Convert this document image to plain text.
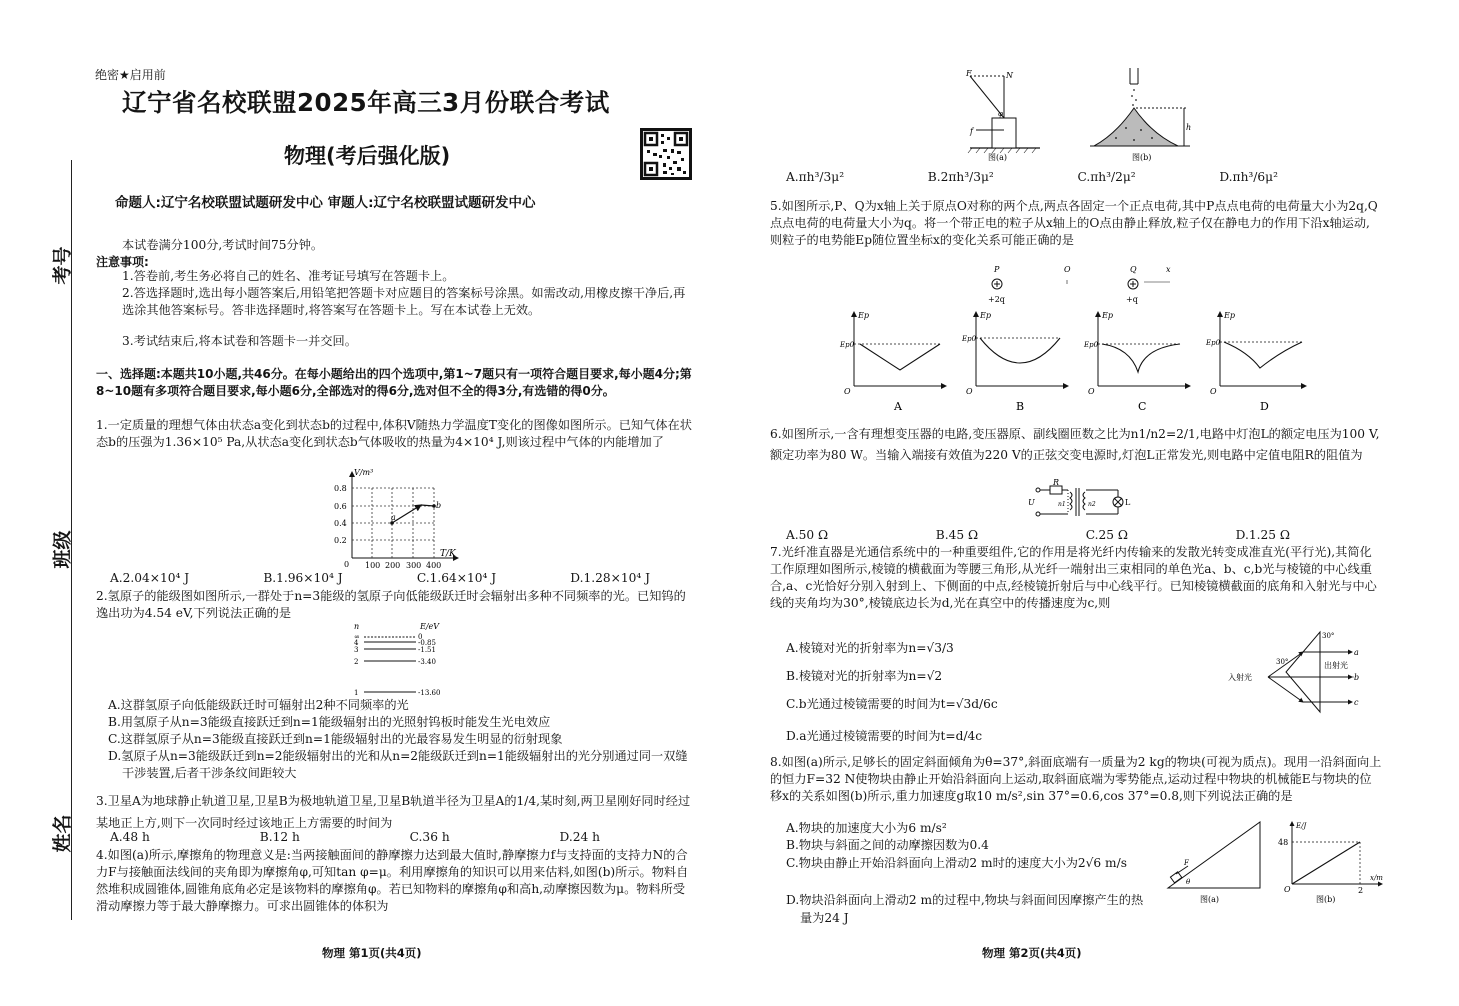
绝密★启用前
辽宁省名校联盟2025年高三3月份联合考试
物理(考后强化版)
命题人:辽宁名校联盟试题研发中心 审题人:辽宁名校联盟试题研发中心
考号
班级
姓名
本试卷满分100分,考试时间75分钟。
注意事项:
1.答卷前,考生务必将自己的姓名、准考证号填写在答题卡上。
2.答选择题时,选出每小题答案后,用铅笔把答题卡对应题目的答案标号涂黑。如需改动,用橡皮擦干净后,再选涂其他答案标号。答非选择题时,将答案写在答题卡上。写在本试卷上无效。
3.考试结束后,将本试卷和答题卡一并交回。
一、选择题:本题共10小题,共46分。在每小题给出的四个选项中,第1~7题只有一项符合题目要求,每小题4分;第8~10题有多项符合题目要求,每小题6分,全部选对的得6分,选对但不全的得3分,有选错的得0分。
1.一定质量的理想气体由状态a变化到状态b的过程中,体积V随热力学温度T变化的图像如图所示。已知气体在状态b的压强为1.36×10⁵ Pa,从状态a变化到状态b气体吸收的热量为4×10⁴ J,则该过程中气体的内能增加了
V/m³
T/K
0.8
0.6
0.4
0.2
0 100 200 300 400
a
b
A.2.04×10⁴ J	B.1.96×10⁴ J	C.1.64×10⁴ J	D.1.28×10⁴ J
2.氢原子的能级图如图所示,一群处于n=3能级的氢原子向低能级跃迁时会辐射出多种不同频率的光。已知钨的逸出功为4.54 eV,下列说法正确的是
n	E/eV
∞
4
3
2
1
0
-0.85
-1.51
-3.40
-13.60
A.这群氢原子向低能级跃迁时可辐射出2种不同频率的光
B.用氢原子从n=3能级直接跃迁到n=1能级辐射出的光照射钨板时能发生光电效应
C.这群氢原子从n=3能级直接跃迁到n=1能级辐射出的光最容易发生明显的衍射现象
D.氢原子从n=3能级跃迁到n=2能级辐射出的光和从n=2能级跃迁到n=1能级辐射出的光分别通过同一双缝干涉装置,后者干涉条纹间距较大
3.卫星A为地球静止轨道卫星,卫星B为极地轨道卫星,卫星B轨道半径为卫星A的1/4,某时刻,两卫星刚好同时经过某地正上方,则下一次同时经过该地正上方需要的时间为
A.48 h	B.12 h	C.36 h	D.24 h
4.如图(a)所示,摩擦角的物理意义是:当两接触面间的静摩擦力达到最大值时,静摩擦力f与支持面的支持力N的合力F与接触面法线间的夹角即为摩擦角φ,可知tan φ=μ。利用摩擦角的知识可以用来估料,如图(b)所示。物料自然堆积成圆锥体,圆锥角底角必定是该物料的摩擦角φ。若已知物料的摩擦角φ和高h,动摩擦因数为μ。物料所受滑动摩擦力等于最大静摩擦力。可求出圆锥体的体积为
物理 第1页(共4页)
F	N
f
φ
图(a)
h
图(b)
A.πh³/3μ²	B.2πh³/3μ²	C.πh³/2μ²	D.πh³/6μ²
5.如图所示,P、Q为x轴上关于原点O对称的两个点,两点各固定一个正点电荷,其中P点点电荷的电荷量大小为2q,Q点点电荷的电荷量大小为q。将一个带正电的粒子从x轴上的O点由静止释放,粒子仅在静电力的作用下沿x轴运动,则粒子的电势能Ep随位置坐标x的变化关系可能正确的是
P	O	Q	x
+2q	+q
Ep
Ep0
O
A
Ep
Ep0
O
B
Ep
Ep0
O
C
Ep
Ep0
O
D
6.如图所示,一含有理想变压器的电路,变压器原、副线圈匝数之比为n1/n2=2/1,电路中灯泡L的额定电压为100 V,额定功率为80 W。当输入端接有效值为220 V的正弦交变电源时,灯泡L正常发光,则电路中定值电阻R的阻值为
U
R
n1	n2	L
A.50 Ω	B.45 Ω	C.25 Ω	D.1.25 Ω
7.光纤准直器是光通信系统中的一种重要组件,它的作用是将光纤内传输来的发散光转变成准直光(平行光),其简化工作原理如图所示,棱镜的横截面为等腰三角形,从光纤一端射出三束相同的单色光a、b、c,b光与棱镜的中心线重合,a、c光恰好分别入射到上、下侧面的中点,经棱镜折射后与中心线平行。已知棱镜横截面的底角和入射光与中心线的夹角均为30°,棱镜底边长为d,光在真空中的传播速度为c,则
A.棱镜对光的折射率为n=√3/3
B.棱镜对光的折射率为n=√2
C.b光通过棱镜需要的时间为t=√3d/6c
D.a光通过棱镜需要的时间为t=d/4c
入射光
出射光
a
b
c
30°
30°
8.如图(a)所示,足够长的固定斜面倾角为θ=37°,斜面底端有一质量为2 kg的物块(可视为质点)。现用一沿斜面向上的恒力F=32 N使物块由静止开始沿斜面向上运动,取斜面底端为零势能点,运动过程中物块的机械能E与物块的位移x的关系如图(b)所示,重力加速度g取10 m/s²,sin 37°=0.6,cos 37°=0.8,则下列说法正确的是
A.物块的加速度大小为6 m/s²
B.物块与斜面之间的动摩擦因数为0.4
C.物块由静止开始沿斜面向上滑动2 m时的速度大小为2√6 m/s
D.物块沿斜面向上滑动2 m的过程中,物块与斜面间因摩擦产生的热量为24 J
F
θ
图(a)
E/J
x/m
48
2
O
图(b)
物理 第2页(共4页)
